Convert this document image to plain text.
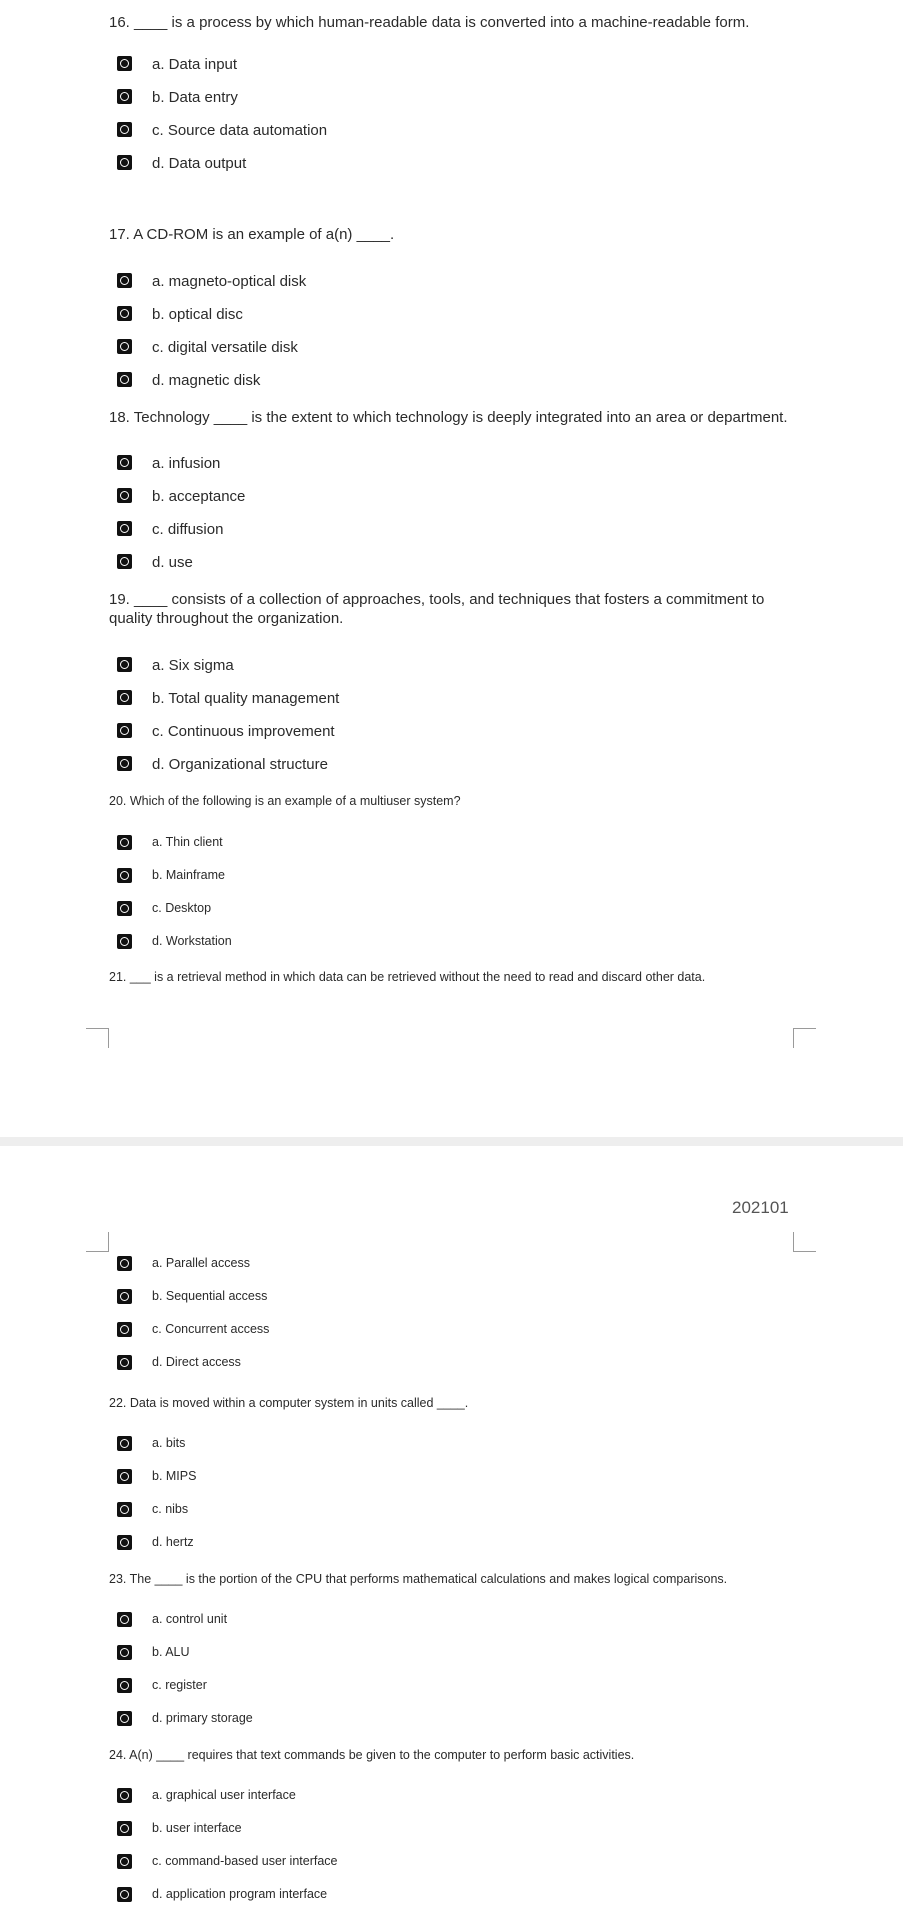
16. ____ is a process by which human-readable data is converted into a machine-readable form.
a. Data input
b. Data entry
c. Source data automation
d. Data output
17. A CD-ROM is an example of a(n) ____.
a. magneto-optical disk
b. optical disc
c. digital versatile disk
d. magnetic disk
18. Technology ____ is the extent to which technology is deeply integrated into an area or department.
a. infusion
b. acceptance
c. diffusion
d. use
19. ____ consists of a collection of approaches, tools, and techniques that fosters a commitment to quality throughout the organization.
a. Six sigma
b. Total quality management
c. Continuous improvement
d. Organizational structure
20. Which of the following is an example of a multiuser system?
a. Thin client
b. Mainframe
c. Desktop
d. Workstation
21. ___ is a retrieval method in which data can be retrieved without the need to read and discard other data.
202101
a. Parallel access
b. Sequential access
c. Concurrent access
d. Direct access
22. Data is moved within a computer system in units called ____.
a. bits
b. MIPS
c. nibs
d. hertz
23. The ____ is the portion of the CPU that performs mathematical calculations and makes logical comparisons.
a. control unit
b. ALU
c. register
d. primary storage
24. A(n) ____ requires that text commands be given to the computer to perform basic activities.
a. graphical user interface
b. user interface
c. command-based user interface
d. application program interface
